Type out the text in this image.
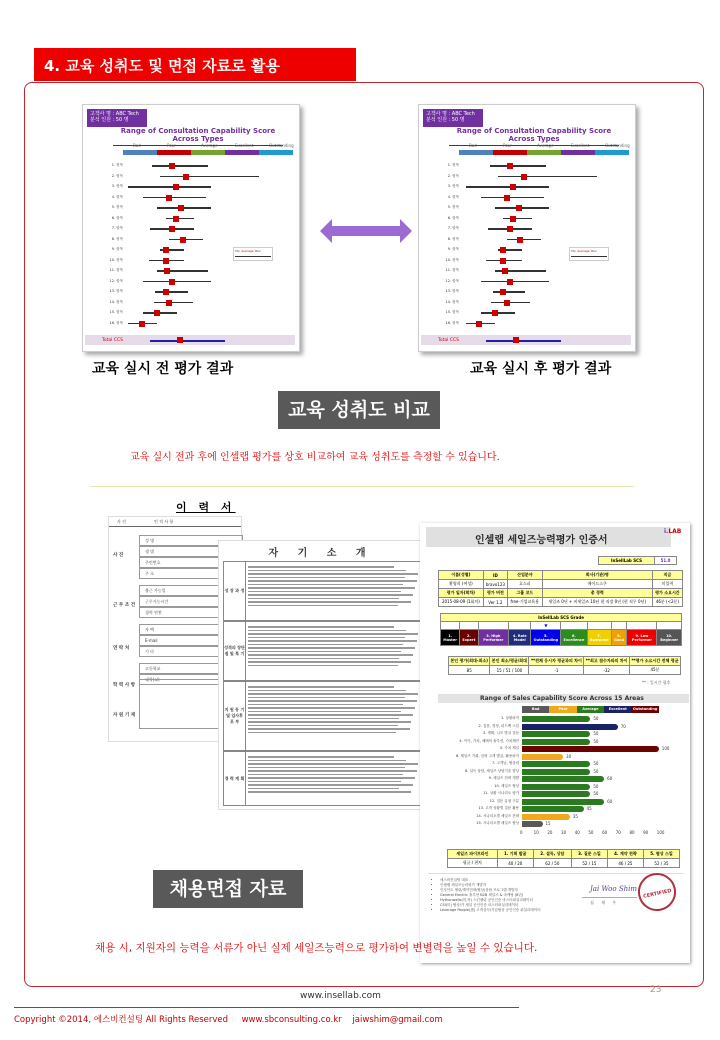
4. 교육 성취도 및 면접 자료로 활용
고객사 명 : ABC Tech
분석 인원 : 50 명
Range of Consultation Capability Score Across Types
Bad	Poor	Average	Excellent	Outstanding
1. 항목
2. 항목
3. 항목
4. 항목
5. 항목
6. 항목
7. 항목
8. 항목
9. 항목
10. 항목
11. 항목
12. 항목
13. 항목
14. 항목
15. 항목
16. 항목
Total CCS
Min Average Max
고객사 명 : ABC Tech
분석 인원 : 50 명
Range of Consultation Capability Score Across Types
Bad	Poor	Average	Excellent	Outstanding
1. 항목
2. 항목
3. 항목
4. 항목
5. 항목
6. 항목
7. 항목
8. 항목
9. 항목
10. 항목
11. 항목
12. 항목
13. 항목
14. 항목
15. 항목
16. 항목
Total CCS
Min Average Max
교육 실시 전 평가 결과	교육 실시 후 평가 결과
교육 성취도 비교
교육 실시 전과 후에 인셀랩 평가를 상호 비교하여 교육 성취도를 측정할 수 있습니다.
이 력 서
사 진                      인 적 사 항
성 명
생 별
주민번호
주 소
출근 가능일
근무가능시간
경력 연봉
자 택
E-mail
기 타
고등학교
대학(교)
사 진
근 무 조 건
연 락 처
학 력 사 항
자 원 기 재
자 기 소 개
성 장 과 정
성격의 장단점 및 특 기
지 원 동 기 및 입사후 포 부
경 력 계 획
인셀랩 세일즈능력평가 인증서
i.LAB
InSellLab SCS	51.0
이름(성별)	ID	산업분야	회사(기관)명	직급
황영희 (여성)	bravo123	호스피	메이드스쿠	미입력
평가 일자(회차)	평가 버전	그룹 코드	총 경력	평가 소요시간
2015-08-09 (1회차)	Ver 1.2	free-기업교육용	세일즈 0년 + 비세일즈 10년 현 직장 0년 (현 직무 0년)	46분 (<2분)
InSellLab SCS Grade									
				▼					
1. Master	2. Expert	3. High Performer	4. Role Model	5. Outstanding	6. Excellence	7. Awesome	8. Good	9. Low Performer	10. Beginner
본인 평가(최대-최소)	본인 최소/평균/최대	**전체 응시자 평균과의 차이	**최고 점수자와의 차이	**평가 소요시간 전체 평균
85	15 / 51 / 100	-1	-32	45분
** : 일시간 평후
Range of Sales Capability Score Across 15 Areas
Bad	Poor	Average	Excellent	Outstanding
1. 상황파악	50
2. 질문, 경청, 피드백 스킬	70
3. 명확, 니즈 발굴 질문	50
4. 이익, 가치, 혜택의 솔루션, 가치제안	50
5. 가치 제일	100
6. 세일즈 기회, 신뢰 고객 발굴, 활용파악	30
7. 고객님, 협상력	50
8. 설득 상담, 세일즈 상담기술 향상	50
9. 세일즈 전략 개발	60
10. 세일즈 협상	50
11. 상황 시나리오 평가	50
12. 질문 유형 구분	60
13. 고객 상황별 질문 활용	45
14. 시나리오별 세일즈 전략	35
15. 시나리오별 세일즈 협상	15
0	10 20 30 40 50 60 70 80 90 100
세일즈 파이프라인	1. 기회 발굴	2. 설득, 상담	3. 질문 스킬	4. 계약 전략	5. 협상 스킬
평균 / 편차	40 / 20	62 / 50	52 / 15	46 / 25	52 / 35
• 에스비컨설팅 대표
• 인셀랩 세일즈능력평가 개발자
• 인사이트 셀링/계약전략/협상/상담 프로그램 개발자
• General Electric 솔루션 B2B 세일즈 & 마케팅 (8년)
• Hythonwells(미,영) 스킨셀링 공인인증 마스터퍼실리테이터
• CSI(미) 협상/가 세일 공인인증 마스터퍼실리테이터
• Leverage People(美) 고객설득/기업협상 공인인증 퍼실리테이터
Jai Woo Shim
심 재 우
CERTIFIED
채용면접 자료
채용 시, 지원자의 능력을 서류가 아닌 실제 세일즈능력으로 평가하여 변별력을 높일 수 있습니다.
23
www.insellab.com
Copyright ©2014, 에스비컨설팅 All Rights Reserved     www.sbconsulting.co.kr    jaiwshim@gmail.com
